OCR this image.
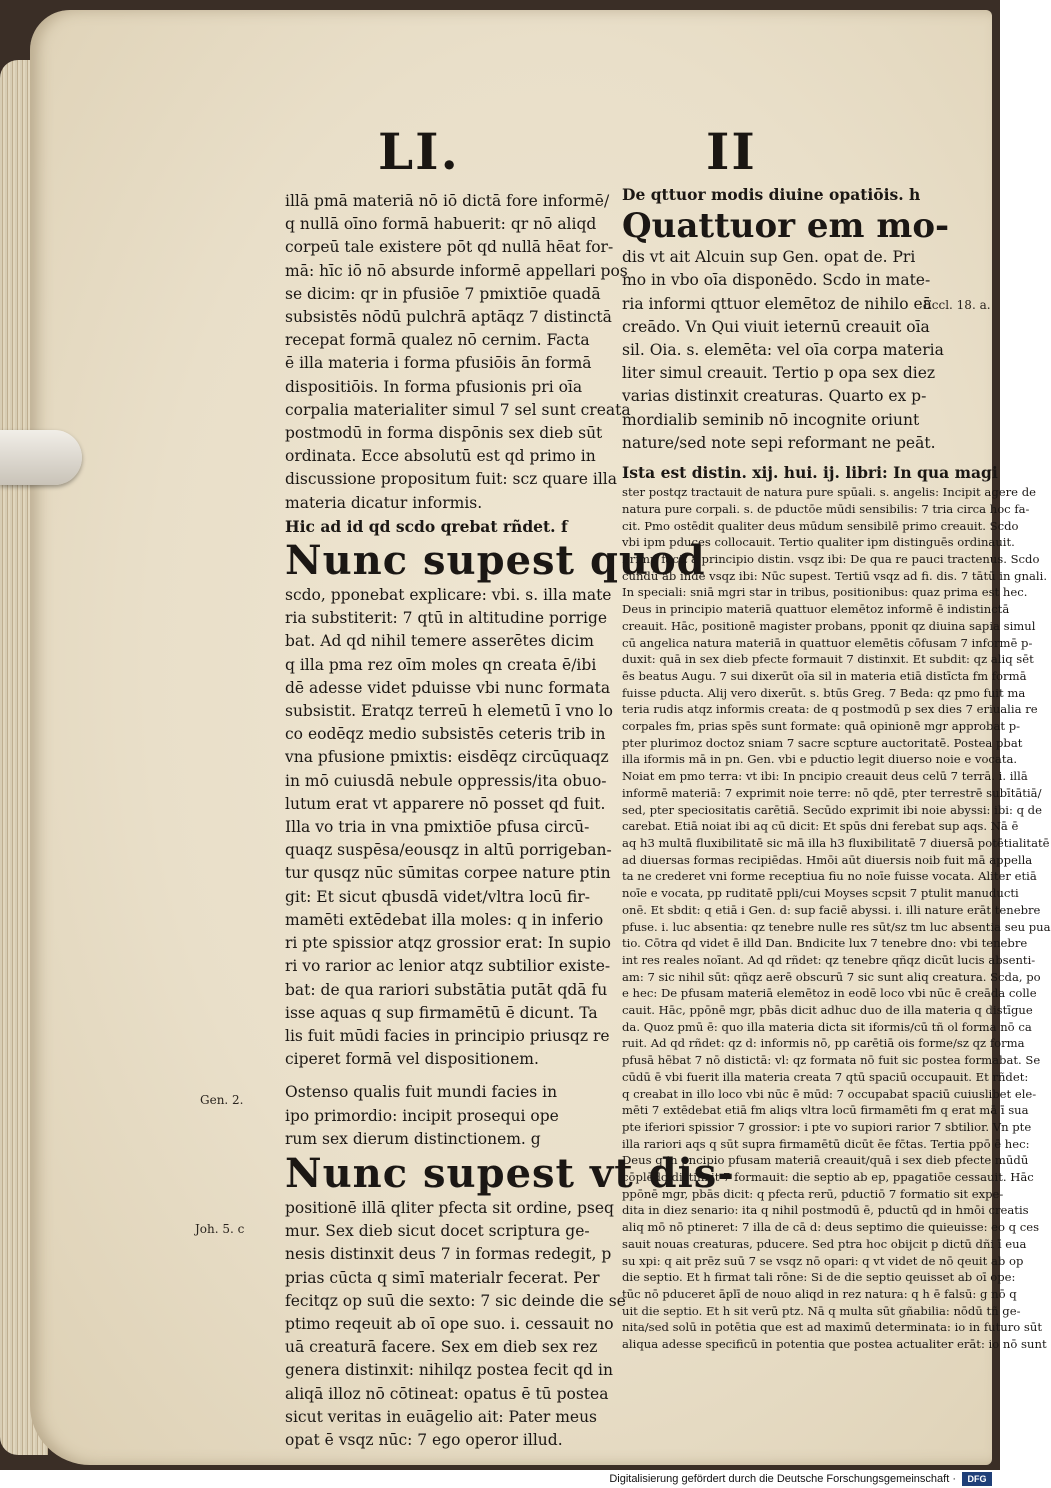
LI.	II

illā pmā materiā nō iō dictā fore informē/

q nullā oīno formā habuerit: qr nō aliqd

corpeū tale existere pōt qd nullā hēat for-

mā: hīc iō nō absurde informē appellari pos

se dicim: qr in pfusiōe 7 pmixtiōe quadā

subsistēs nōdū pulchrā aptāqz 7 distinctā

recepat formā qualez nō cernim. Facta

ē illa materia i forma pfusiōis ān formā

dispositiōis. In forma pfusionis pri oīa

corpalia materialiter simul 7 sel sunt creata

postmodū in forma dispōnis sex dieb sūt

ordinata. Ecce absolutū est qd primo in

discussione propositum fuit: scz quare illa

materia dicatur informis.

Hic ad id qd scdo qrebat rñdet. f

Nunc supest quod

scdo, pponebat explicare: vbi. s. illa mate

ria substiterit: 7 qtū in altitudine porrige

bat. Ad qd nihil temere asserētes dicim

q illa pma rez oīm moles qn creata ē/ibi

dē adesse videt pduisse vbi nunc formata

subsistit. Eratqz terreū h elemetū ī vno lo

co eodēqz medio subsistēs ceteris trib in

vna pfusione pmixtis: eisdēqz circūquaqz

in mō cuiusdā nebule oppressis/ita obuo-

lutum erat vt apparere nō posset qd fuit.

Illa vo tria in vna pmixtiōe pfusa circū-

quaqz suspēsa/eousqz in altū porrigeban-

tur qusqz nūc sūmitas corpee nature ptin

git: Et sicut qbusdā videt/vltra locū fir-

mamēti extēdebat illa moles: q in inferio

ri pte spissior atqz grossior erat: In supio

ri vo rarior ac lenior atqz subtilior existe-

bat: de qua rariori substātia putāt qdā fu

isse aquas q sup firmamētū ē dicunt. Ta

lis fuit mūdi facies in principio priusqz re

ciperet formā vel dispositionem.

Ostenso qualis fuit mundi facies in

ipo primordio: incipit prosequi ope

rum sex dierum distinctionem. g

Nunc supest vt dis-

positionē illā qliter pfecta sit ordine, pseq

mur. Sex dieb sicut docet scriptura ge-

nesis distinxit deus 7 in formas redegit, p

prias cūcta q simī materialr fecerat. Per

fecitqz op suū die sexto: 7 sic deinde die se

ptimo reqeuit ab oī ope suo. i. cessauit no

uā creaturā facere. Sex em dieb sex rez

genera distinxit: nihilqz postea fecit qd in

aliqā illoz nō cōtineat: opatus ē tū postea

sicut veritas in euāgelio ait: Pater meus

opat ē vsqz nūc: 7 ego operor illud.

Gen. 2.
Joh. 5. c

De qttuor modis diuine opatiōis. h

Quattuor em mo-

dis vt ait Alcuin sup Gen. opat de. Pri

mo in vbo oīa disponēdo. Scdo in mate-

ria informi qttuor elemētoz de nihilo eā

creādo. Vn Qui viuit ieternū creauit oīa

sil. Oia. s. elemēta: vel oīa corpa materia

liter simul creauit. Tertio p opa sex diez

varias distinxit creaturas. Quarto ex p-

mordialib seminib nō incognite oriunt

nature/sed note sepi reformant ne peāt.

Ista est distin. xij. hui. ij. libri: In qua magi

ster postqz tractauit de natura pure spūali. s. angelis: Incipit agere de

natura pure corpali. s. de pductōe mūdi sensibilis: 7 tria circa hoc fa-

cit. Pmo ostēdit qualiter deus mūdum sensibilē primo creauit. Scdo

vbi ipm pduces collocauit. Tertio qualiter ipm distinguēs ordinauit.

Primu facit a principio distin. vsqz ibi: De qua re pauci tractenus. Scdo

cundū ab inde vsqz ibi: Nūc supest. Tertiū vsqz ad fi. dis. 7 tātū in gnali.

In speciali: sniā mgri star in tribus, positionibus: quaz prima est hec.

Deus in principio materiā quattuor elemētoz informē ē indistinctā

creauit. Hāc, positionē magister probans, pponit qz diuina sapia simul

cū angelica natura materiā in quattuor elemētis cōfusam 7 informē p-

duxit: quā in sex dieb pfecte formauit 7 distinxit. Et subdit: qz aliq sēt

ēs beatus Augu. 7 sui dixerūt oīa sil in materia etiā distīcta fm formā

fuisse pducta. Alij vero dixerūt. s. btūs Greg. 7 Beda: qz pmo fuit ma

teria rudis atqz informis creata: de q postmodū p sex dies 7 eriualia re

corpales fm, prias spēs sunt formate: quā opinionē mgr approbat p-

pter plurimoz doctoz sniam 7 sacre scpture auctoritatē. Postea pbat

illa iformis mā in pn. Gen. vbi e pductio legit diuerso noie e vocata.

Noiat em pmo terra: vt ibi: In pncipio creauit deus celū 7 terrā. i. illā

informē materiā: 7 exprimit noie terre: nō qdē, pter terrestrē subītātiā/

sed, pter speciositatis carētiā. Secūdo exprimit ibi noie abyssi: ibi: q de

carebat. Etiā noiat ibi aq cū dicit: Et spūs dni ferebat sup aqs. Nā ē

aq h3 multā fluxibilitatē sic mā illa h3 fluxibilitatē 7 diuersā potētialitatē

ad diuersas formas recipiēdas. Hmōi aūt diuersis noib fuit mā appella

ta ne crederet vni forme receptiua fiu no noīe fuisse vocata. Aliter etiā

noīe e vocata, pp ruditatē ppli/cui Moyses scpsit 7 ptulit manuducti

onē. Et sbdit: q etiā i Gen. d: sup faciē abyssi. i. illi nature erāt tenebre

pfuse. i. luc absentia: qz tenebre nulle res sūt/sz tm luc absentia seu pua

tio. Cōtra qd videt ē illd Dan. Bndicite lux 7 tenebre dno: vbi tenebre

int res reales noīant. Ad qd rñdet: qz tenebre qñqz dicūt lucis absenti-

am: 7 sic nihil sūt: qñqz aerē obscurū 7 sic sunt aliq creatura. Scda, po

e hec: De pfusam materiā elemētoz in eodē loco vbi nūc ē creāda colle

cauit. Hāc, ppōnē mgr, pbās dicit adhuc duo de illa materia q distīgue

da. Quoz pmū ē: quo illa materia dicta sit iformis/cū tñ ol forma nō ca

ruit. Ad qd rñdet: qz d: informis nō, pp carētiā ois forme/sz qz forma

pfusā hēbat 7 nō distictā: vl: qz formata nō fuit sic postea formabat. Se

cūdū ē vbi fuerit illa materia creata 7 qtū spaciū occupauit. Et rñdet:

q creabat in illo loco vbi nūc ē mūd: 7 occupabat spaciū cuiuslibet ele-

mēti 7 extēdebat etiā fm aliqs vltra locū firmamēti fm q erat mā ī sua

pte iferiori spissior 7 grossior: i pte vo supiori rarior 7 sbtilior. Vn pte

illa rariori aqs q sūt supra firmamētū dicūt ēe fc̄tas. Tertia ppō ē hec:

Deus q in pncipio pfusam materiā creauit/quā i sex dieb pfecte mūdū

cōplēdo distinxit 7 formauit: die septio ab ep, ppagatiōe cessauit. Hāc

ppōnē mgr, pbās dicit: q pfecta rerū, pductiō 7 formatio sit expe-

dita in diez senario: ita q nihil postmodū ē, pductū qd in hmōi creatis

aliq mō nō ptineret: 7 illa de cā d: deus septimo die quieuisse: eo q ces

sauit nouas creaturas, pducere. Sed ptra hoc obijcit p dictū dñi ī eua

su xpi: q ait prēz suū 7 se vsqz nō opari: q vt videt de nō qeuit ab op

die septio. Et h firmat tali rōne: Si de die septio qeuisset ab oī ope:

tūc nō pduceret āplī de nouo aliqd in rez natura: q h ē falsū: g nō q

uit die septio. Et h sit verū ptz. Nā q multa sūt gñabilia: nōdū tñ ge-

nita/sed solū in potētia que est ad maximū determinata: io in futuro sūt

aliqua adesse specificū in potentia que postea actualiter erāt: io nō sunt

Eccl. 18. a.
Digitalisierung gefördert durch die Deutsche Forschungsgemeinschaft ·	DFG
